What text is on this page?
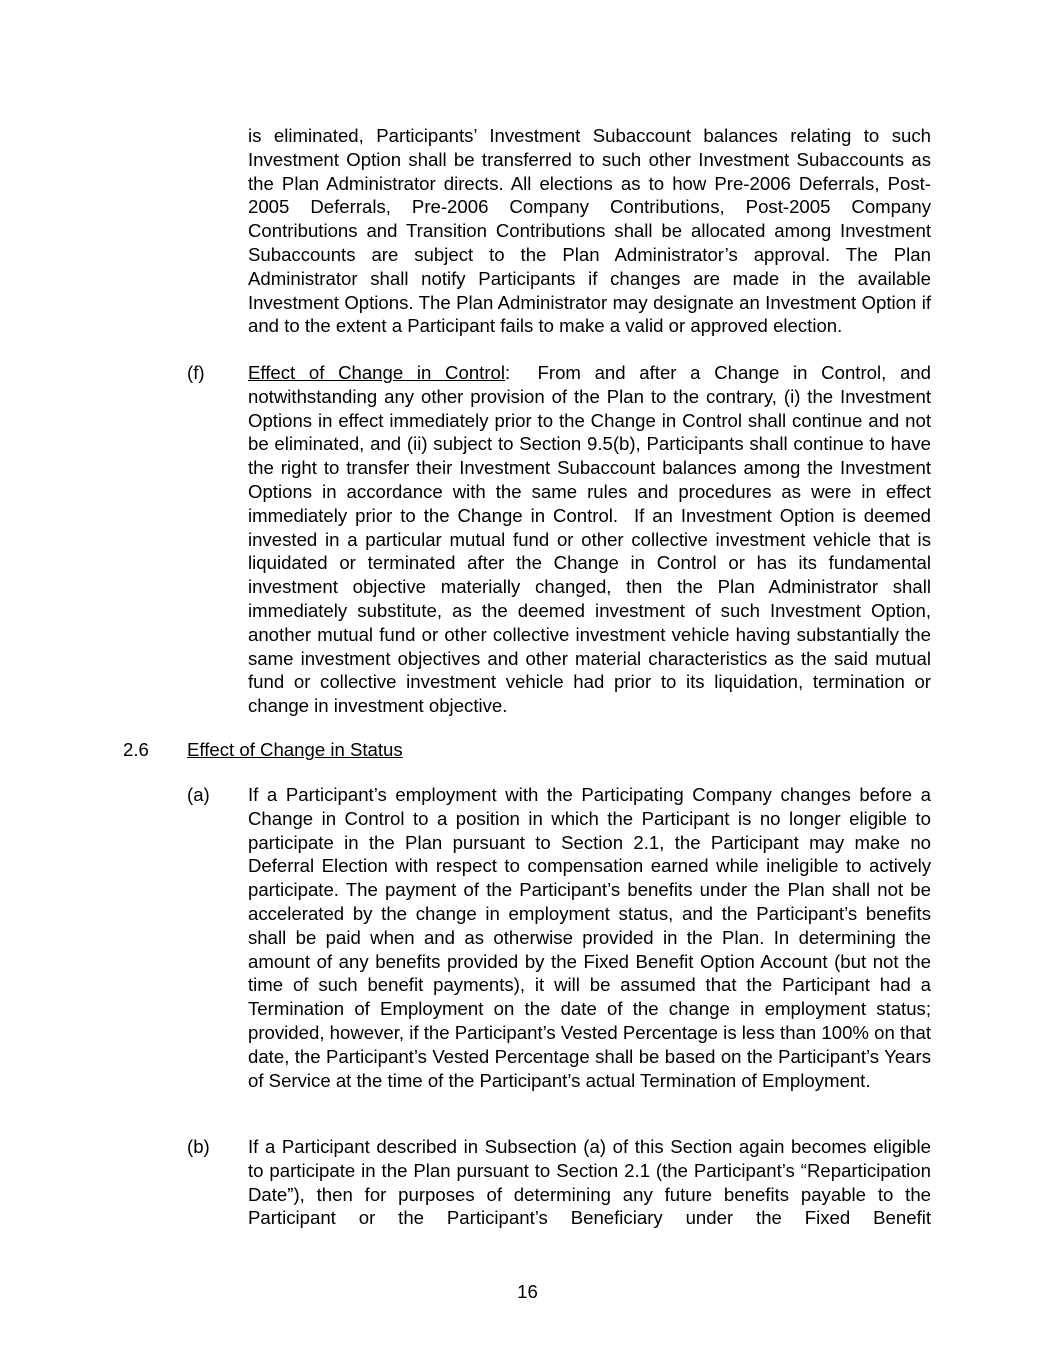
is eliminated, Participants’ Investment Subaccount balances relating to such Investment Option shall be transferred to such other Investment Subaccounts as the Plan Administrator directs. All elections as to how Pre-2006 Deferrals, Post-2005 Deferrals, Pre-2006 Company Contributions, Post-2005 Company Contributions and Transition Contributions shall be allocated among Investment Subaccounts are subject to the Plan Administrator’s approval. The Plan Administrator shall notify Participants if changes are made in the available Investment Options. The Plan Administrator may designate an Investment Option if and to the extent a Participant fails to make a valid or approved election.

(f) Effect of Change in Control:  From and after a Change in Control, and notwithstanding any other provision of the Plan to the contrary, (i) the Investment Options in effect immediately prior to the Change in Control shall continue and not be eliminated, and (ii) subject to Section 9.5(b), Participants shall continue to have the right to transfer their Investment Subaccount balances among the Investment Options in accordance with the same rules and procedures as were in effect immediately prior to the Change in Control.  If an Investment Option is deemed invested in a particular mutual fund or other collective investment vehicle that is liquidated or terminated after the Change in Control or has its fundamental investment objective materially changed, then the Plan Administrator shall immediately substitute, as the deemed investment of such Investment Option, another mutual fund or other collective investment vehicle having substantially the same investment objectives and other material characteristics as the said mutual fund or collective investment vehicle had prior to its liquidation, termination or change in investment objective.

2.6 Effect of Change in Status

(a) If a Participant’s employment with the Participating Company changes before a Change in Control to a position in which the Participant is no longer eligible to participate in the Plan pursuant to Section 2.1, the Participant may make no Deferral Election with respect to compensation earned while ineligible to actively participate. The payment of the Participant’s benefits under the Plan shall not be accelerated by the change in employment status, and the Participant’s benefits shall be paid when and as otherwise provided in the Plan. In determining the amount of any benefits provided by the Fixed Benefit Option Account (but not the time of such benefit payments), it will be assumed that the Participant had a Termination of Employment on the date of the change in employment status; provided, however, if the Participant’s Vested Percentage is less than 100% on that date, the Participant’s Vested Percentage shall be based on the Participant’s Years of Service at the time of the Participant’s actual Termination of Employment.

(b) If a Participant described in Subsection (a) of this Section again becomes eligible to participate in the Plan pursuant to Section 2.1 (the Participant’s “Reparticipation Date”), then for purposes of determining any future benefits payable to the Participant or the Participant’s Beneficiary under the Fixed Benefit

16
